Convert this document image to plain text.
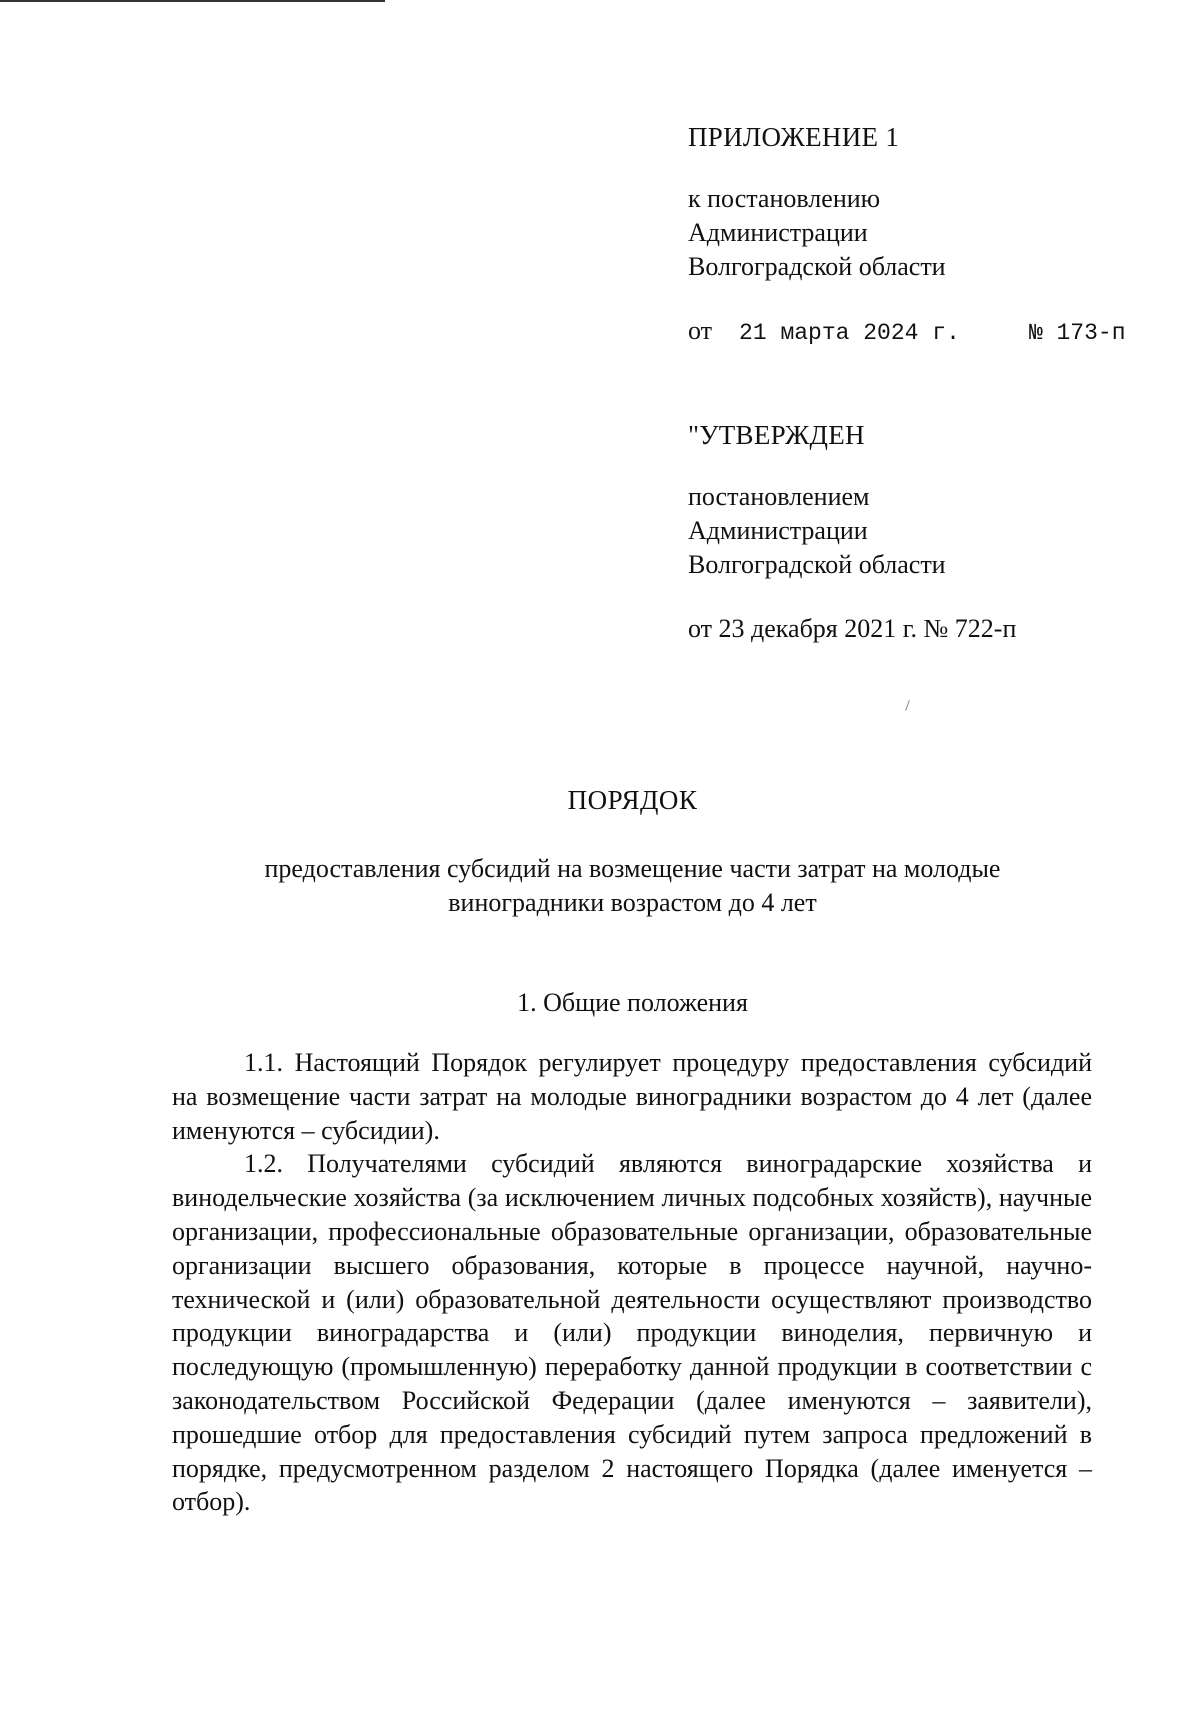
ПРИЛОЖЕНИЕ 1

к постановлению

Администрации

Волгоградской области

от 21 марта 2024 г.	№ 173-п

"УТВЕРЖДЕН

постановлением

Администрации

Волгоградской области

от 23 декабря 2021 г. № 722-п

ПОРЯДОК
предоставления субсидий на возмещение части затрат на молодые
виноградники возрастом до 4 лет
1. Общие положения

1.1. Настоящий Порядок регулирует процедуру предоставления субсидий на возмещение части затрат на молодые виноградники возрастом до 4 лет (далее именуются – субсидии).

1.2. Получателями субсидий являются виноградарские хозяйства и винодельческие хозяйства (за исключением личных подсобных хозяйств), научные организации, профессиональные образовательные организации, образовательные организации высшего образования, которые в процессе научной, научно-технической и (или) образовательной деятельности осуществляют производство продукции виноградарства и (или) продукции виноделия, первичную и последующую (промышленную) переработку данной продукции в соответствии с законодательством Российской Федерации (далее именуются – заявители), прошедшие отбор для предоставления субсидий путем запроса предложений в порядке, предусмотренном разделом 2 настоящего Порядка (далее именуется – отбор).
